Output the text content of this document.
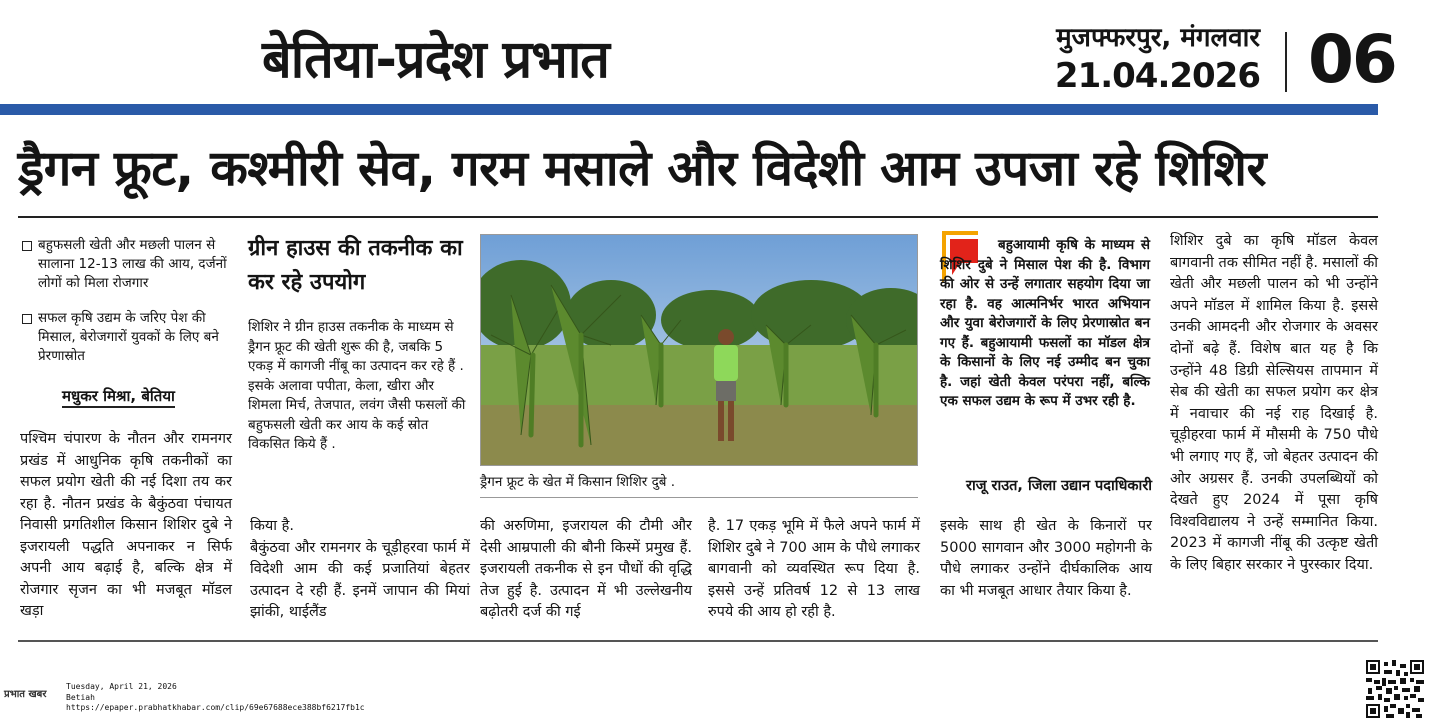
बेतिया-प्रदेश प्रभात	मुजफ्फरपुर, मंगलवार
21.04.2026 06
ड्रैगन फ्रूट, कश्मीरी सेव, गरम मसाले और विदेशी आम उपजा रहे शिशिर
बहुफसली खेती और मछली पालन से सालाना 12-13 लाख की आय, दर्जनों लोगों को मिला रोजगार
सफल कृषि उद्यम के जरिए पेश की मिसाल, बेरोजगारों युवकों के लिए बने प्रेरणास्रोत
मधुकर मिश्रा, बेतिया
पश्चिम चंपारण के नौतन और रामनगर प्रखंड में आधुनिक कृषि तकनीकों का सफल प्रयोग खेती की नई दिशा तय कर रहा है. नौतन प्रखंड के बैकुंठवा पंचायत निवासी प्रगतिशील किसान शिशिर दुबे ने इजरायली पद्धति अपनाकर न सिर्फ अपनी आय बढ़ाई है, बल्कि क्षेत्र में रोजगार सृजन का भी मजबूत मॉडल खड़ा
ग्रीन हाउस की तकनीक का कर रहे उपयोग
शिशिर ने ग्रीन हाउस तकनीक के माध्यम से ड्रैगन फ्रूट की खेती शुरू की है, जबकि 5 एकड़ में कागजी नींबू का उत्पादन कर रहे हैं . इसके अलावा पपीता, केला, खीरा और शिमला मिर्च, तेजपात, लवंग जैसी फसलों की बहुफसली खेती कर आय के कई स्रोत विकसित किये हैं .
किया है.
बैकुंठवा और रामनगर के चूड़ीहरवा फार्म में विदेशी आम की कई प्रजातियां बेहतर उत्पादन दे रही हैं. इनमें जापान की मियां झांकी, थाईलैंड
ड्रैगन फ्रूट के खेत में किसान शिशिर दुबे .
की अरुणिमा, इजरायल की टौमी और देसी आम्रपाली की बौनी किस्में प्रमुख हैं. इजरायली तकनीक से इन पौधों की वृद्धि तेज हुई है. उत्पादन में भी उल्लेखनीय बढ़ोतरी दर्ज की गई
है. 17 एकड़ भूमि में फैले अपने फार्म में शिशिर दुबे ने 700 आम के पौधे लगाकर बागवानी को व्यवस्थित रूप दिया है. इससे उन्हें प्रतिवर्ष 12 से 13 लाख रुपये की आय हो रही है.
बहुआयामी कृषि के माध्यम से शिशिर दुबे ने मिसाल पेश की है. विभाग की ओर से उन्हें लगातार सहयोग दिया जा रहा है. वह आत्मनिर्भर भारत अभियान और युवा बेरोजगारों के लिए प्रेरणास्रोत बन गए हैं. बहुआयामी फसलों का मॉडल क्षेत्र के किसानों के लिए नई उम्मीद बन चुका है. जहां खेती केवल परंपरा नहीं, बल्कि एक सफल उद्यम के रूप में उभर रही है.
राजू राउत, जिला उद्यान पदाधिकारी
इसके साथ ही खेत के किनारों पर 5000 सागवान और 3000 महोगनी के पौधे लगाकर उन्होंने दीर्घकालिक आय का भी मजबूत आधार तैयार किया है.
शिशिर दुबे का कृषि मॉडल केवल बागवानी तक सीमित नहीं है. मसालों की खेती और मछली पालन को भी उन्होंने अपने मॉडल में शामिल किया है. इससे उनकी आमदनी और रोजगार के अवसर दोनों बढ़े हैं. विशेष बात यह है कि उन्होंने 48 डिग्री सेल्सियस तापमान में सेब की खेती का सफल प्रयोग कर क्षेत्र में नवाचार की नई राह दिखाई है. चूड़ीहरवा फार्म में मौसमी के 750 पौधे भी लगाए गए हैं, जो बेहतर उत्पादन की ओर अग्रसर हैं. उनकी उपलब्धियों को देखते हुए 2024 में पूसा कृषि विश्वविद्यालय ने उन्हें सम्मानित किया. 2023 में कागजी नींबू की उत्कृष्ट खेती के लिए बिहार सरकार ने पुरस्कार दिया.
प्रभात खबर
Tuesday, April 21, 2026
Betiah
https://epaper.prabhatkhabar.com/clip/69e67688ece388bf6217fb1c
